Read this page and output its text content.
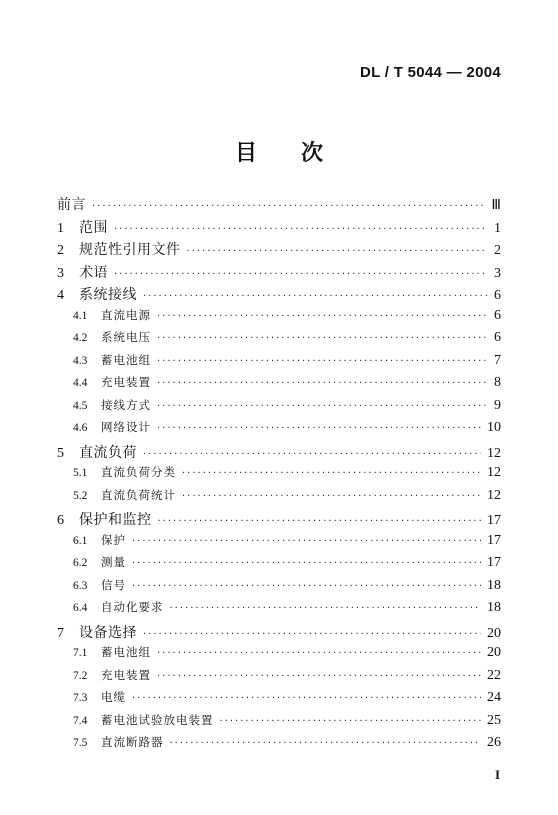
DL / T 5044 — 2004
目　　次
前言 ·····	Ⅲ
1	范围 ·····	1
2	规范性引用文件 ·····	2
3	术语 ·····	3
4	系统接线 ·····	6
4.1	直流电源 ·····	6
4.2	系统电压 ·····	6
4.3	蓄电池组 ·····	7
4.4	充电装置 ·····	8
4.5	接线方式 ·····	9
4.6	网络设计 ·····	10
5	直流负荷 ·····	12
5.1	直流负荷分类 ·····	12
5.2	直流负荷统计 ·····	12
6	保护和监控 ·····	17
6.1	保护 ·····	17
6.2	测量 ·····	17
6.3	信号 ·····	18
6.4	自动化要求 ·····	18
7	设备选择 ·····	20
7.1	蓄电池组 ·····	20
7.2	充电装置 ·····	22
7.3	电缆 ·····	24
7.4	蓄电池试验放电装置 ·····	25
7.5	直流断路器 ·····	26
I
